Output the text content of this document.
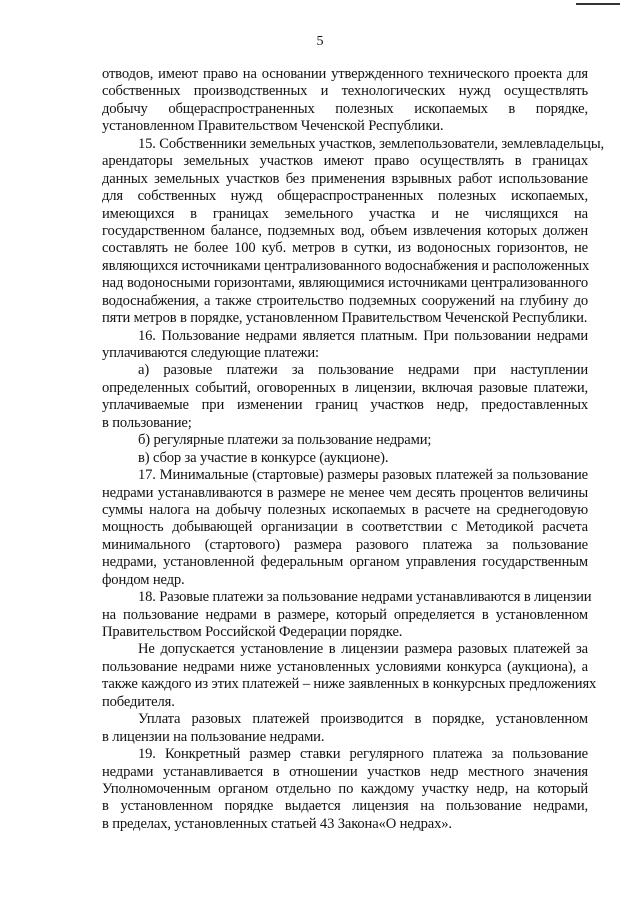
5
отводов, имеют право на основании утвержденного технического проекта для
собственных производственных и технологических нужд осуществлять
добычу общераспространенных полезных ископаемых в порядке,
установленном Правительством Чеченской Республики.
15. Собственники земельных участков, землепользователи, землевладельцы,
арендаторы земельных участков имеют право осуществлять в границах
данных земельных участков без применения взрывных работ использование
для собственных нужд общераспространенных полезных ископаемых,
имеющихся в границах земельного участка и не числящихся на
государственном балансе, подземных вод, объем извлечения которых должен
составлять не более 100 куб. метров в сутки, из водоносных горизонтов, не
являющихся источниками централизованного водоснабжения и расположенных
над водоносными горизонтами, являющимися источниками централизованного
водоснабжения, а также строительство подземных сооружений на глубину до
пяти метров в порядке, установленном Правительством Чеченской Республики.
16. Пользование недрами является платным. При пользовании недрами
уплачиваются следующие платежи:
а) разовые платежи за пользование недрами при наступлении
определенных событий, оговоренных в лицензии, включая разовые платежи,
уплачиваемые при изменении границ участков недр, предоставленных
в пользование;
б) регулярные платежи за пользование недрами;
в) сбор за участие в конкурсе (аукционе).
17. Минимальные (стартовые) размеры разовых платежей за пользование
недрами устанавливаются в размере не менее чем десять процентов величины
суммы налога на добычу полезных ископаемых в расчете на среднегодовую
мощность добывающей организации в соответствии с Методикой расчета
минимального (стартового) размера разового платежа за пользование
недрами, установленной федеральным органом управления государственным
фондом недр.
18. Разовые платежи за пользование недрами устанавливаются в лицензии
на пользование недрами в размере, который определяется в установленном
Правительством Российской Федерации порядке.
Не допускается установление в лицензии размера разовых платежей за
пользование недрами ниже установленных условиями конкурса (аукциона), а
также каждого из этих платежей – ниже заявленных в конкурсных предложениях
победителя.
Уплата разовых платежей производится в порядке, установленном
в лицензии на пользование недрами.
19. Конкретный размер ставки регулярного платежа за пользование
недрами устанавливается в отношении участков недр местного значения
Уполномоченным органом отдельно по каждому участку недр, на который
в установленном порядке выдается лицензия на пользование недрами,
в пределах, установленных статьей 43 Закона«О недрах».
